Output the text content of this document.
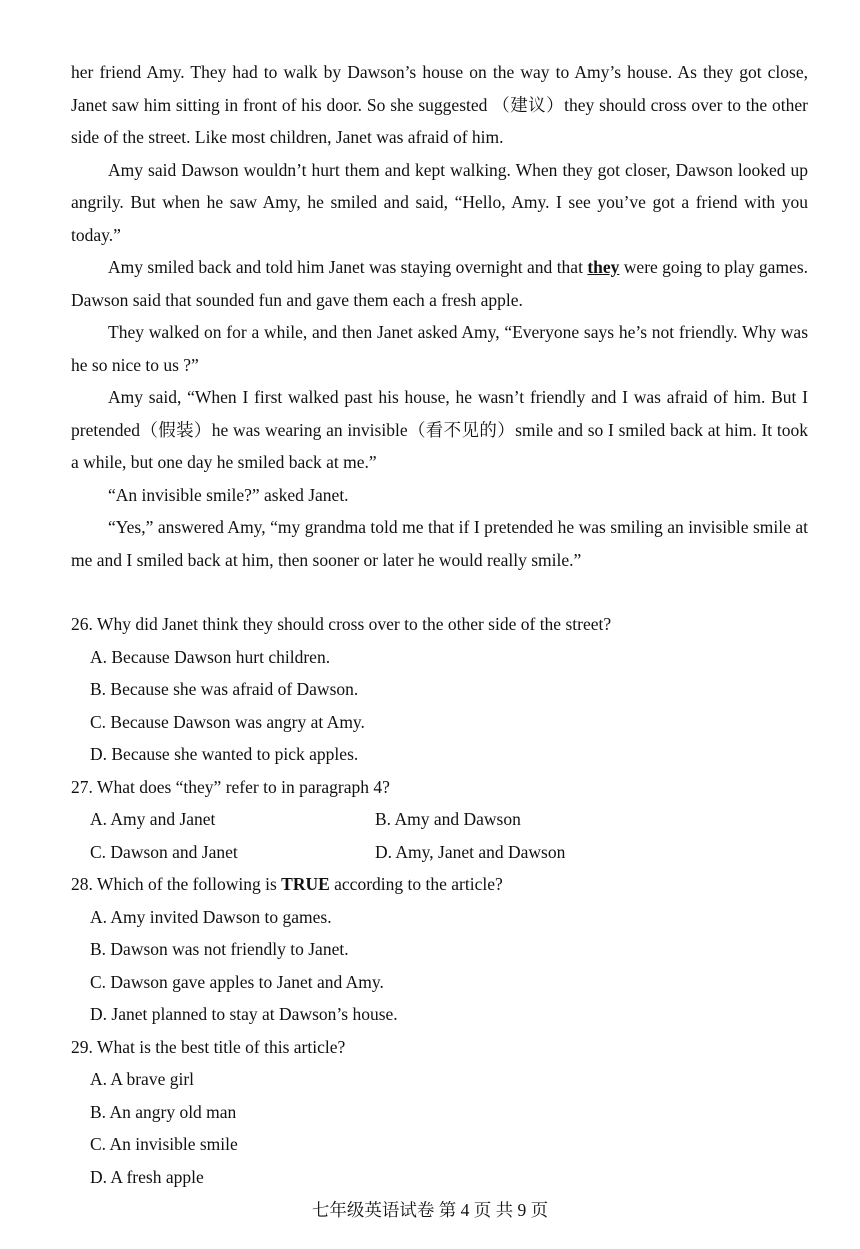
her friend Amy. They had to walk by Dawson’s house on the way to Amy’s house. As they got close, Janet saw him sitting in front of his door. So she suggested （建议）they should cross over to the other side of the street. Like most children, Janet was afraid of him.

Amy said Dawson wouldn’t hurt them and kept walking. When they got closer, Dawson looked up angrily. But when he saw Amy, he smiled and said, “Hello, Amy. I see you’ve got a friend with you today.”

Amy smiled back and told him Janet was staying overnight and that they were going to play games. Dawson said that sounded fun and gave them each a fresh apple.

They walked on for a while, and then Janet asked Amy, “Everyone says he’s not friendly. Why was he so nice to us ?”

Amy said, “When I first walked past his house, he wasn’t friendly and I was afraid of him. But I pretended（假装）he was wearing an invisible（看不见的）smile and so I smiled back at him. It took a while, but one day he smiled back at me.”

“An invisible smile?” asked Janet.

“Yes,” answered Amy, “my grandma told me that if I pretended he was smiling an invisible smile at me and I smiled back at him, then sooner or later he would really smile.”

26. Why did Janet think they should cross over to the other side of the street?

A. Because Dawson hurt children.

B. Because she was afraid of Dawson.

C. Because Dawson was angry at Amy.

D. Because she wanted to pick apples.

27. What does “they” refer to in paragraph 4?

A. Amy and Janet	B. Amy and Dawson
C. Dawson and Janet	D. Amy, Janet and Dawson

28. Which of the following is TRUE according to the article?

A. Amy invited Dawson to games.

B. Dawson was not friendly to Janet.

C. Dawson gave apples to Janet and Amy.

D. Janet planned to stay at Dawson’s house.

29. What is the best title of this article?

A. A brave girl

B. An angry old man

C. An invisible smile

D. A fresh apple

七年级英语试卷 第 4 页 共 9 页
